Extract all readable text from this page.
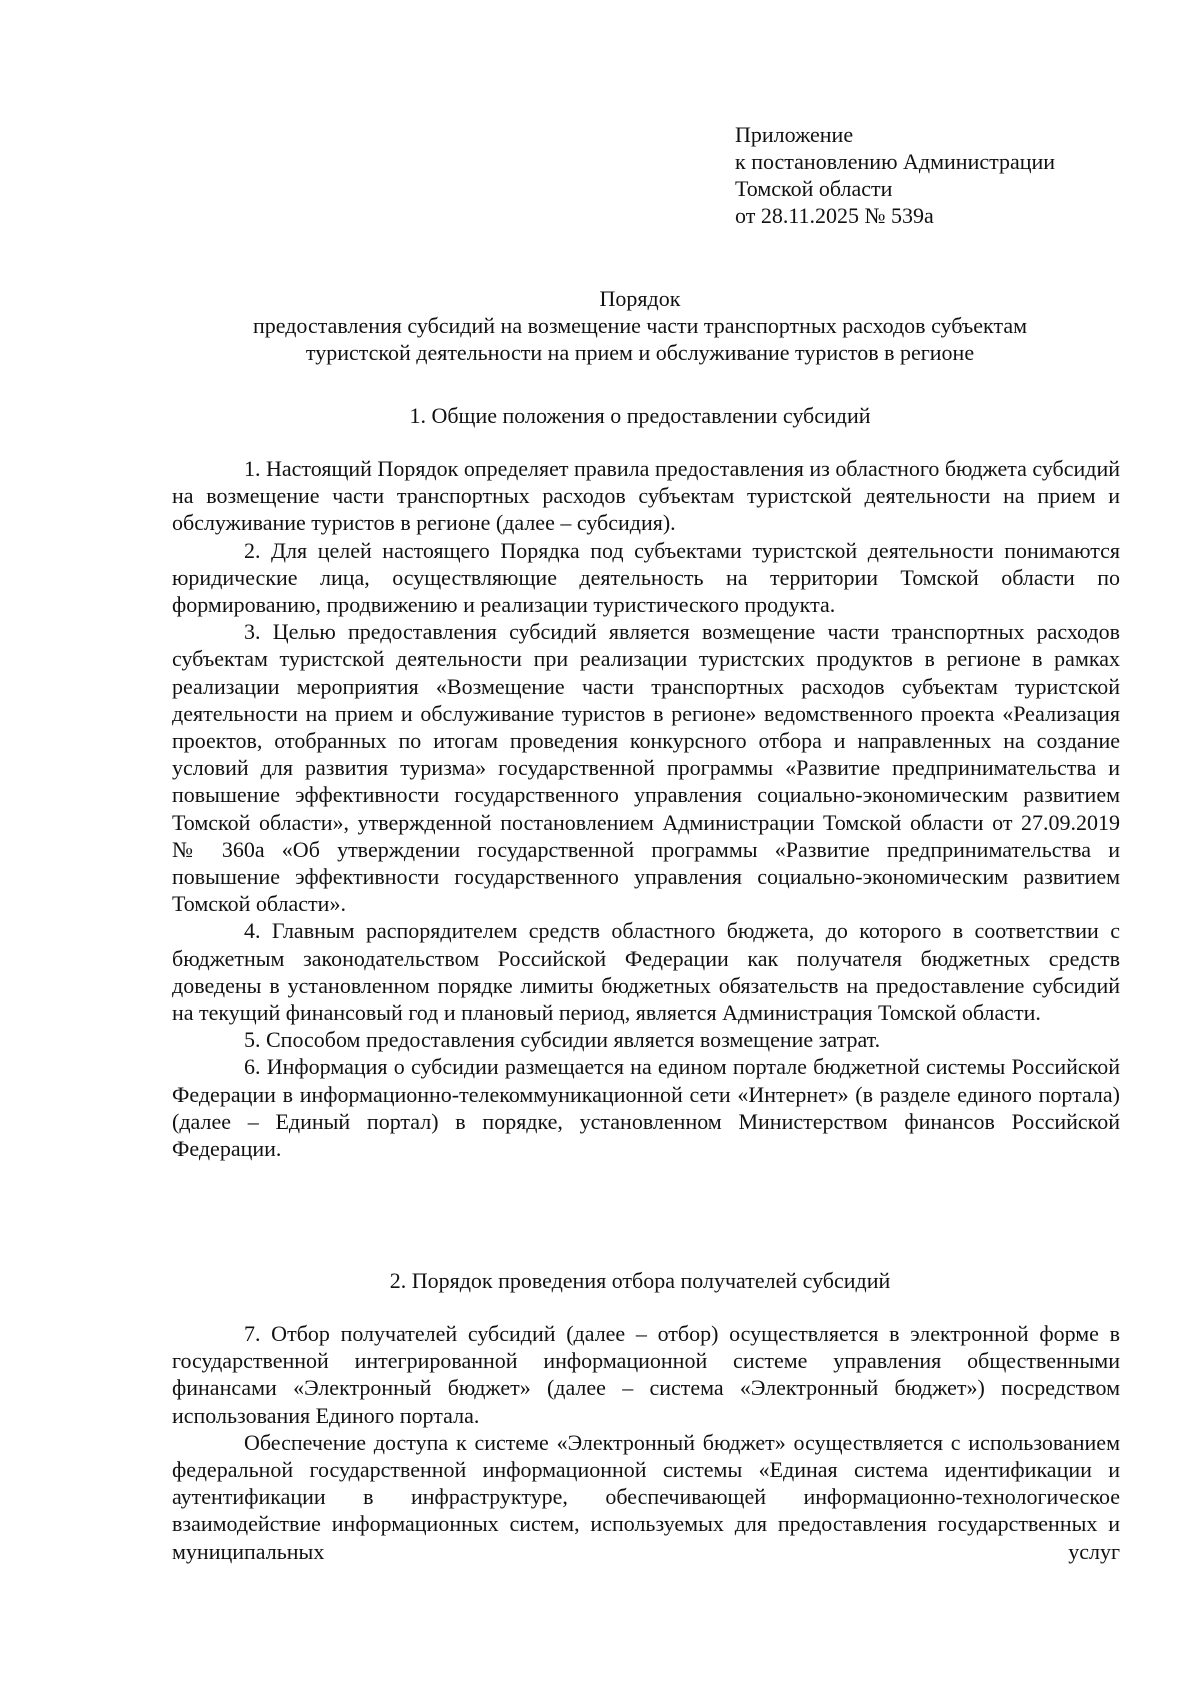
Приложение
к постановлению Администрации
Томской области
от 28.11.2025 № 539а
Порядок
предоставления субсидий на возмещение части транспортных расходов субъектам
туристской деятельности на прием и обслуживание туристов в регионе
1. Общие положения о предоставлении субсидий

1. Настоящий Порядок определяет правила предоставления из областного бюджета субсидий на возмещение части транспортных расходов субъектам туристской деятельности на прием и обслуживание туристов в регионе (далее – субсидия).

2. Для целей настоящего Порядка под субъектами туристской деятельности понимаются юридические лица, осуществляющие деятельность на территории Томской области по формированию, продвижению и реализации туристического продукта.

3. Целью предоставления субсидий является возмещение части транспортных расходов субъектам туристской деятельности при реализации туристских продуктов в регионе в рамках реализации мероприятия «Возмещение части транспортных расходов субъектам туристской деятельности на прием и обслуживание туристов в регионе» ведомственного проекта «Реализация проектов, отобранных по итогам проведения конкурсного отбора и направленных на создание условий для развития туризма» государственной программы «Развитие предпринимательства и повышение эффективности государственного управления социально-экономическим развитием Томской области», утвержденной постановлением Администрации Томской области от 27.09.2019 № 360а «Об утверждении государственной программы «Развитие предпринимательства и повышение эффективности государственного управления социально-экономическим развитием Томской области».

4. Главным распорядителем средств областного бюджета, до которого в соответствии с бюджетным законодательством Российской Федерации как получателя бюджетных средств доведены в установленном порядке лимиты бюджетных обязательств на предоставление субсидий на текущий финансовый год и плановый период, является Администрация Томской области.

5. Способом предоставления субсидии является возмещение затрат.

6. Информация о субсидии размещается на едином портале бюджетной системы Российской Федерации в информационно-телекоммуникационной сети «Интернет» (в разделе единого портала) (далее – Единый портал) в порядке, установленном Министерством финансов Российской Федерации.

2. Порядок проведения отбора получателей субсидий

7. Отбор получателей субсидий (далее – отбор) осуществляется в электронной форме в государственной интегрированной информационной системе управления общественными финансами «Электронный бюджет» (далее – система «Электронный бюджет») посредством использования Единого портала.

Обеспечение доступа к системе «Электронный бюджет» осуществляется с использованием федеральной государственной информационной системы «Единая система идентификации и аутентификации в инфраструктуре, обеспечивающей информационно-технологическое взаимодействие информационных систем, используемых для предоставления государственных и муниципальных услуг
